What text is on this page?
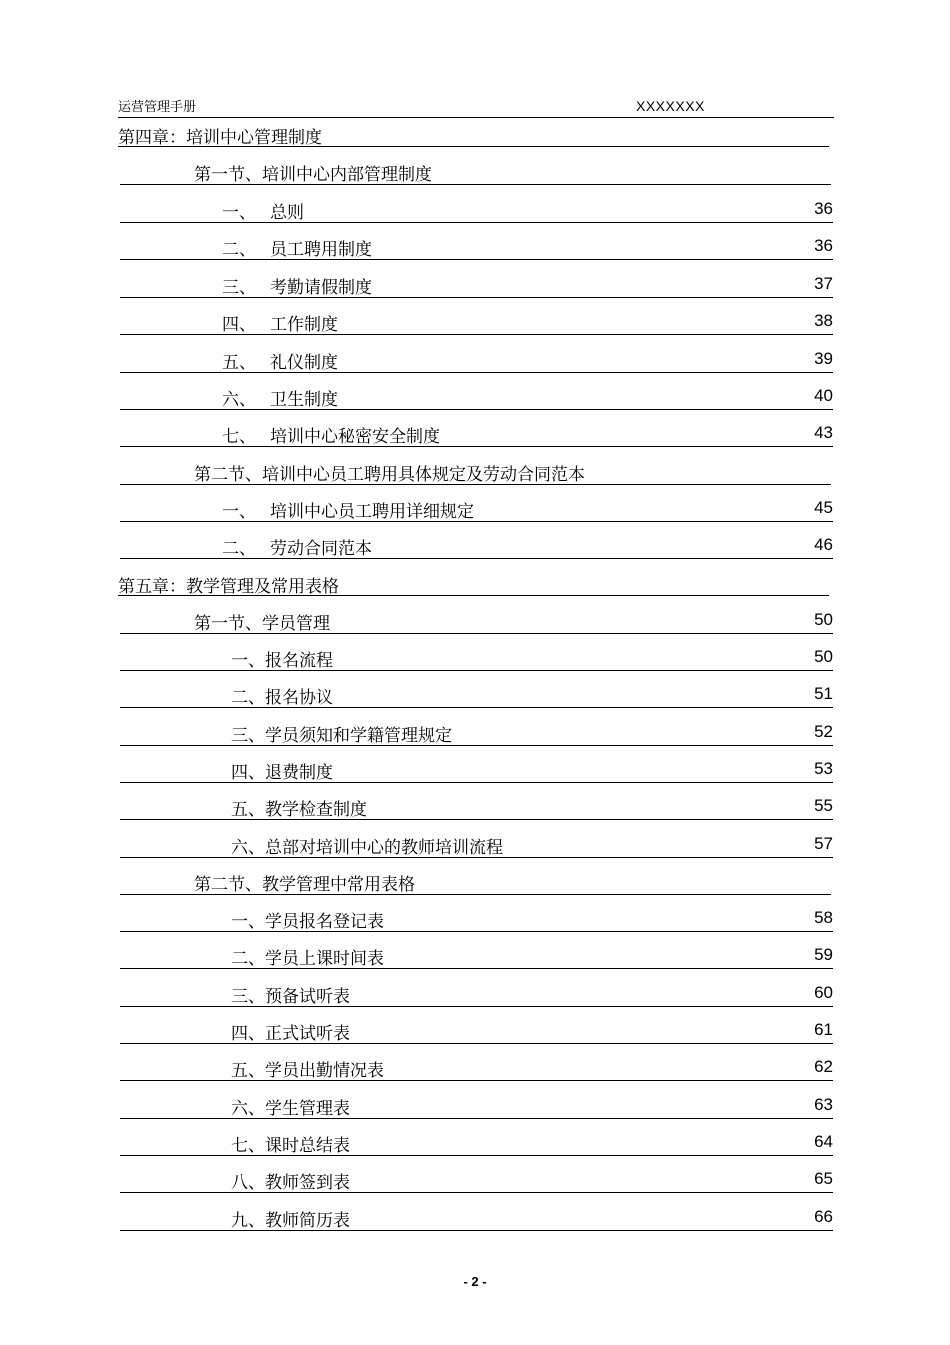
运营管理手册	XXXXXXX
第四章：培训中心管理制度
第一节、培训中心内部管理制度
一、 总则	36
二、 员工聘用制度	36
三、 考勤请假制度	37
四、 工作制度	38
五、 礼仪制度	39
六、 卫生制度	40
七、 培训中心秘密安全制度	43
第二节、培训中心员工聘用具体规定及劳动合同范本
一、 培训中心员工聘用详细规定	45
二、 劳动合同范本	46
第五章：教学管理及常用表格
第一节、学员管理	50
一、报名流程	50
二、报名协议	51
三、学员须知和学籍管理规定	52
四、退费制度	53
五、教学检查制度	55
六、总部对培训中心的教师培训流程	57
第二节、教学管理中常用表格
一、学员报名登记表	58
二、学员上课时间表	59
三、预备试听表	60
四、正式试听表	61
五、学员出勤情况表	62
六、学生管理表	63
七、课时总结表	64
八、教师签到表	65
九、教师简历表	66
- 2 -
